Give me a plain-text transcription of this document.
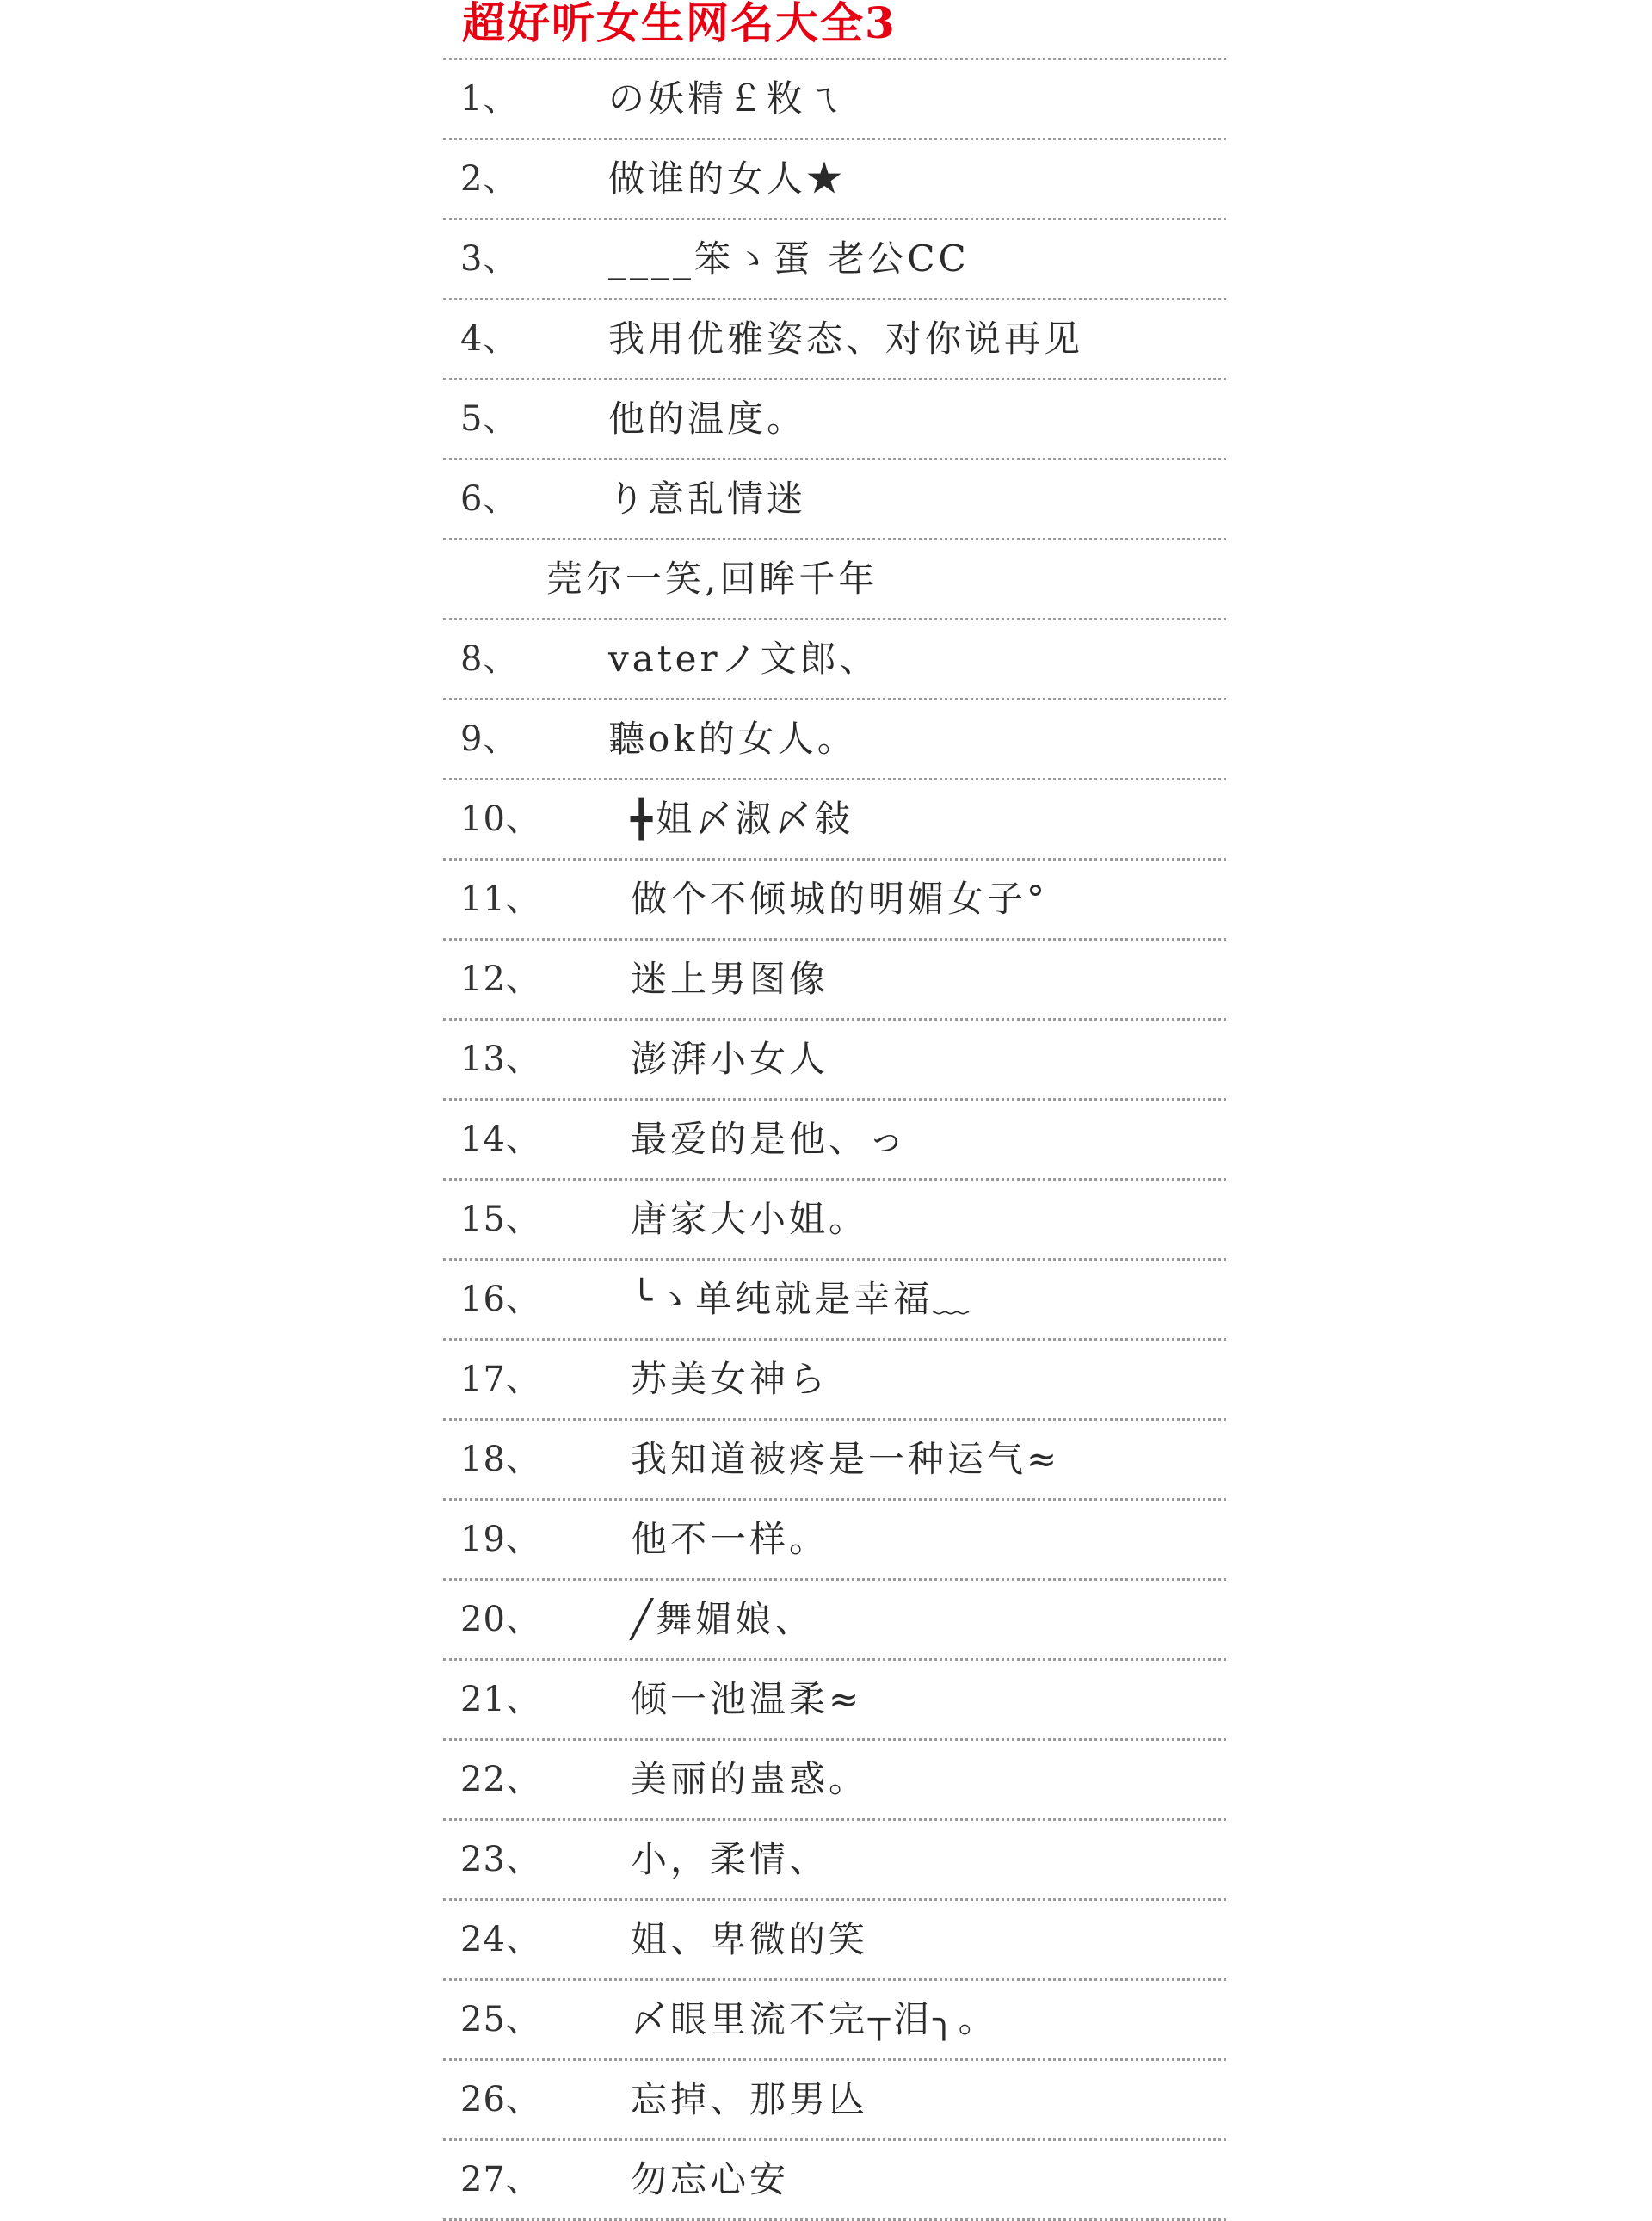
超好听女生网名大全3
1、 の妖精￡敉ㄟ
2、 做谁的女人★
3、 ____笨ゝ蛋 老公CC
4、 我用优雅姿态、对你说再见
5、 他的温度。
6、 り意乱情迷
莞尔一笑,回眸千年
8、 vaterノ文郎、
9、 聽ok的女人。
10、 ╋姐〆淑〆敍
11、 做个不倾城的明媚女子°
12、 迷上男图像
13、 澎湃小女人
14、 最爱的是他、っ
15、 唐家大小姐。
16、 ╰ゝ单纯就是幸福﹏
17、 苏美女神ら
18、 我知道被疼是一种运气≈
19、 他不一样。
20、 ╱舞媚娘、
21、 倾一池温柔≈
22、 美丽的蛊惑。
23、 小，柔情、
24、 姐、卑微的笑
25、 〆眼里流不完┬泪╮。
26、 忘掉、那男亾
27、 勿忘心安
